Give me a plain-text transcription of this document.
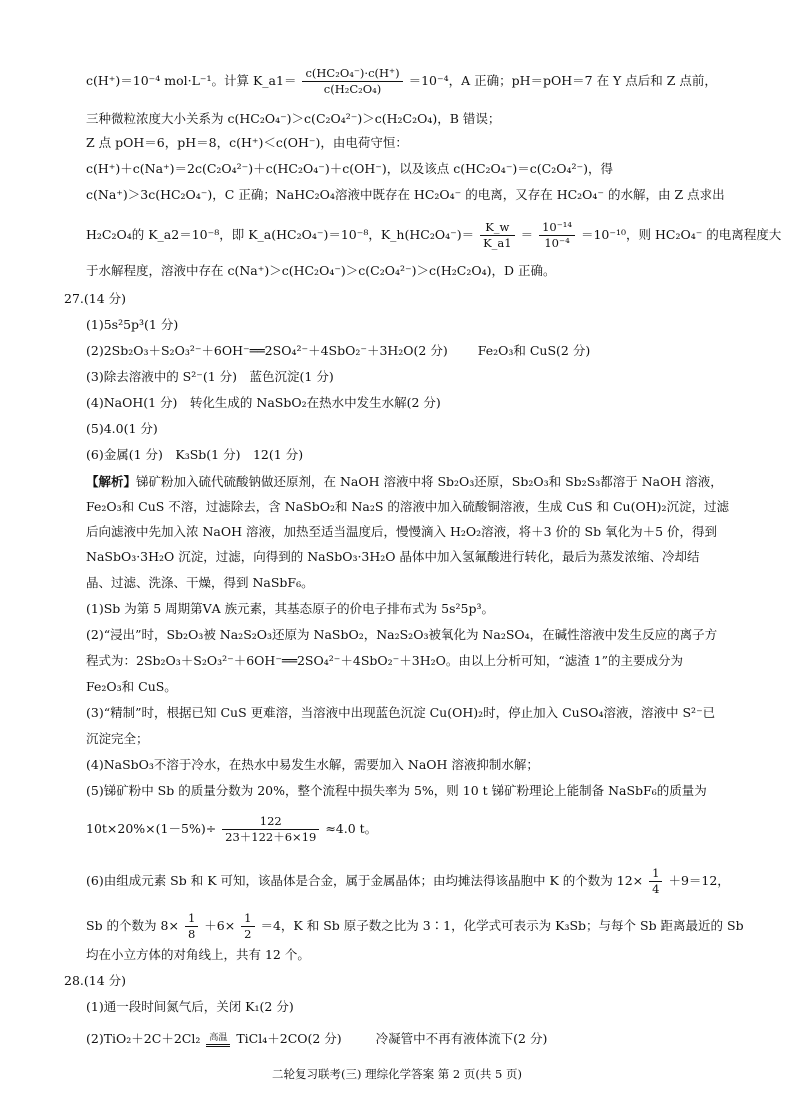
c(H⁺)＝10⁻⁴ mol·L⁻¹。计算 K_a1＝ $\frac{\text{c(HC₂O₄⁻)·c(H⁺)}}{\text{c(H₂C₂O₄)}} =10^{-4}$，A 正确；pH＝pOH＝7 在 Y 点后和 Z 点前，
三种微粒浓度大小关系为 c(HC₂O₄⁻)＞c(C₂O₄²⁻)＞c(H₂C₂O₄)，B 错误；
Z 点 pOH＝6，pH＝8，c(H⁺)＜c(OH⁻)，由电荷守恒：
c(H⁺)＋c(Na⁺)＝2c(C₂O₄²⁻)＋c(HC₂O₄⁻)＋c(OH⁻)，以及该点 c(HC₂O₄⁻)＝c(C₂O₄²⁻)，得
c(Na⁺)＞3c(HC₂O₄⁻)，C 正确；NaHC₂O₄溶液中既存在 HC₂O₄⁻ 的电离，又存在 HC₂O₄⁻ 的水解，由 Z 点求出
H₂C₂O₄的 K_a2＝10⁻⁸，即 K_a(HC₂O₄⁻)＝10⁻⁸，K_h(HC₂O₄⁻)＝ $\frac{K\_w}{K\_a1} = \frac{\text{10⁻¹⁴}}{\text{10⁻⁴}} =10^{-10}$，则 HC₂O₄⁻ 的电离程度大
于水解程度，溶液中存在 c(Na⁺)＞c(HC₂O₄⁻)＞c(C₂O₄²⁻)＞c(H₂C₂O₄)，D 正确。
27.(14 分)
(1)5s²5p³(1 分)
(2)2Sb₂O₃＋S₂O₃²⁻＋6OH⁻══2SO₄²⁻＋4SbO₂⁻＋3H₂O(2 分) Fe₂O₃和 CuS(2 分)
(3)除去溶液中的 S²⁻(1 分)　蓝色沉淀(1 分)
(4)NaOH(1 分)　转化生成的 NaSbO₂在热水中发生水解(2 分)
(5)4.0(1 分)
(6)金属(1 分)　K₃Sb(1 分)　12(1 分)
【解析】锑矿粉加入硫代硫酸钠做还原剂，在 NaOH 溶液中将 Sb₂O₃还原，Sb₂O₃和 Sb₂S₃都溶于 NaOH 溶液，
Fe₂O₃和 CuS 不溶，过滤除去，含 NaSbO₂和 Na₂S 的溶液中加入硫酸铜溶液，生成 CuS 和 Cu(OH)₂沉淀，过滤
后向滤液中先加入浓 NaOH 溶液，加热至适当温度后，慢慢滴入 H₂O₂溶液，将＋3 价的 Sb 氧化为＋5 价，得到
NaSbO₃·3H₂O 沉淀，过滤，向得到的 NaSbO₃·3H₂O 晶体中加入氢氟酸进行转化，最后为蒸发浓缩、冷却结
晶、过滤、洗涤、干燥，得到 NaSbF₆。
(1)Sb 为第 5 周期第ⅤA 族元素，其基态原子的价电子排布式为 5s²5p³。
(2)“浸出”时，Sb₂O₃被 Na₂S₂O₃还原为 NaSbO₂，Na₂S₂O₃被氧化为 Na₂SO₄，在碱性溶液中发生反应的离子方
程式为：2Sb₂O₃＋S₂O₃²⁻＋6OH⁻══2SO₄²⁻＋4SbO₂⁻＋3H₂O。由以上分析可知，“滤渣 1”的主要成分为
Fe₂O₃和 CuS。
(3)“精制”时，根据已知 CuS 更难溶，当溶液中出现蓝色沉淀 Cu(OH)₂时，停止加入 CuSO₄溶液，溶液中 S²⁻已
沉淀完全；
(4)NaSbO₃不溶于冷水，在热水中易发生水解，需要加入 NaOH 溶液抑制水解；
(5)锑矿粉中 Sb 的质量分数为 20%，整个流程中损失率为 5%，则 10 t 锑矿粉理论上能制备 NaSbF₆的质量为
$10t\times 20\%\times(1-5\%)\div \frac{122}{23+122+6\times 19} \approx 4.0$ t。
(6)由组成元素 Sb 和 K 可知，该晶体是合金，属于金属晶体；由均摊法得该晶胞中 K 的个数为 $12\times \frac{1}{4} +9=12$，
Sb 的个数为 $8\times \frac{1}{8} +6\times \frac{1}{2} =4$，K 和 Sb 原子数之比为 3∶1，化学式可表示为 K₃Sb；与每个 Sb 距离最近的 Sb
均在小立方体的对角线上，共有 12 个。
28.(14 分)
(1)通一段时间氮气后，关闭 K₁(2 分)
(2)TiO₂＋2C＋2Cl₂ 高温 TiCl₄＋2CO(2 分)	冷凝管中不再有液体流下(2 分)
二轮复习联考(三) 理综化学答案 第 2 页(共 5 页)
